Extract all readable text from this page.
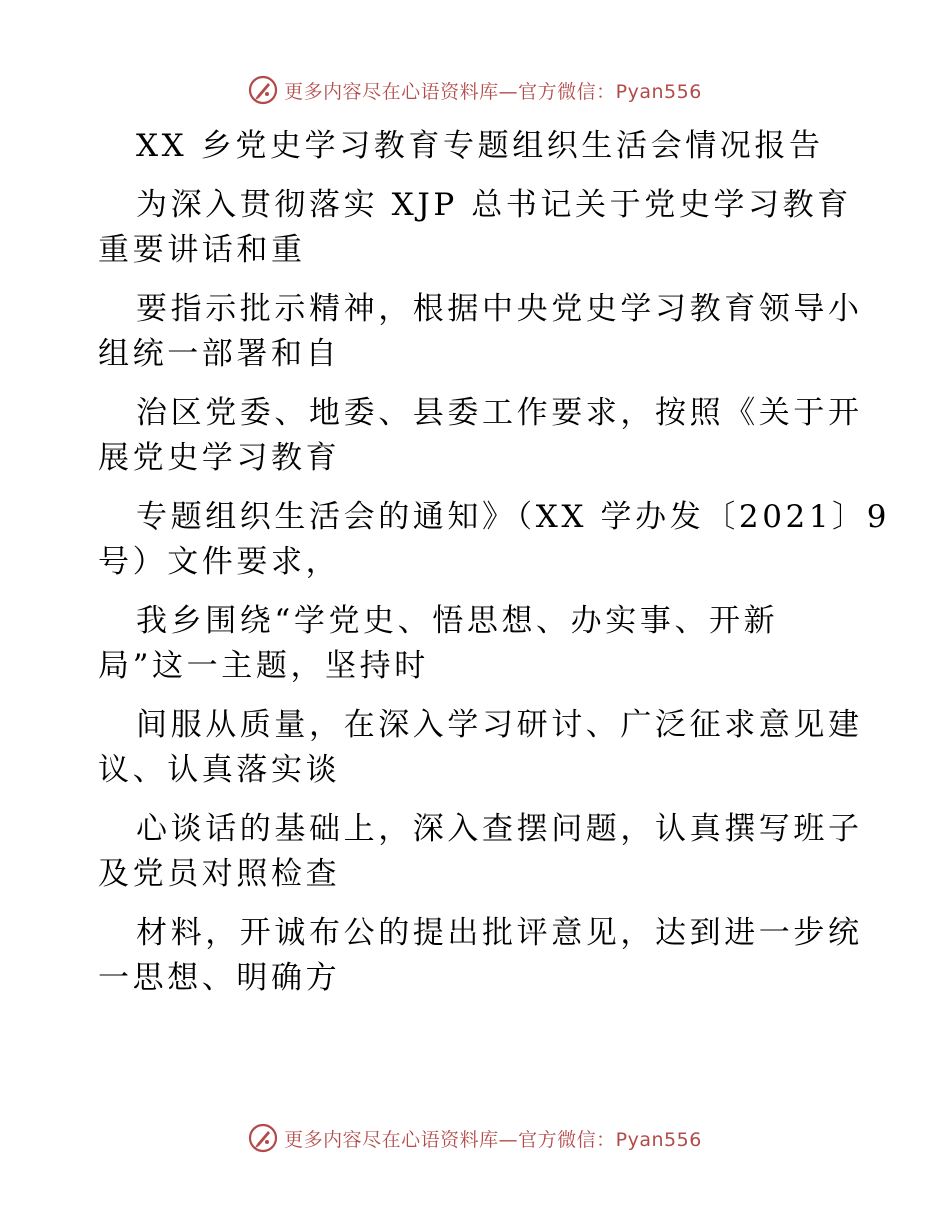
更多内容尽在心语资料库—官方微信：Pyan556

XX 乡党史学习教育专题组织生活会情况报告

为深入贯彻落实 XJP 总书记关于党史学习教育

重要讲话和重

要指示批示精神，根据中央党史学习教育领导小

组统一部署和自

治区党委、地委、县委工作要求，按照《关于开

展党史学习教育

专题组织生活会的通知》（XX 学办发〔2021〕9

号）文件要求，

我乡围绕“学党史、悟思想、办实事、开新

局”这一主题，坚持时

间服从质量，在深入学习研讨、广泛征求意见建

议、认真落实谈

心谈话的基础上，深入查摆问题，认真撰写班子

及党员对照检查

材料，开诚布公的提出批评意见，达到进一步统

一思想、明确方

更多内容尽在心语资料库—官方微信：Pyan556
